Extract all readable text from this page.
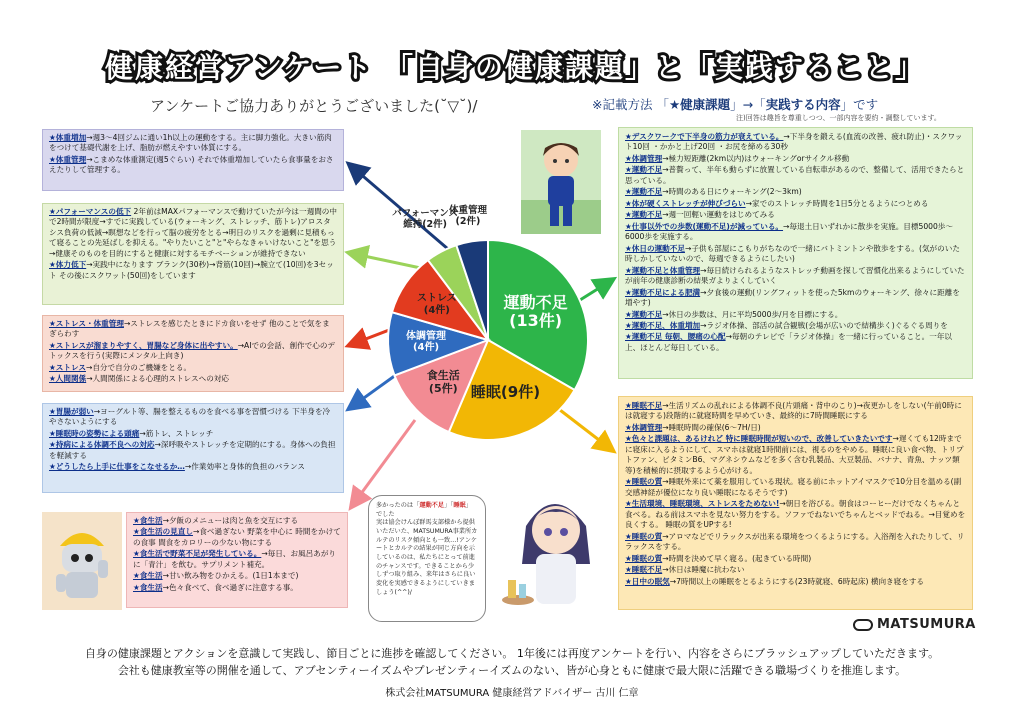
健康経営アンケート 「自身の健康課題」と「実践すること」
アンケートご協力ありがとうございました(˘▽˘)/	※記載方法 「★健康課題」→「実践する内容」です
注)回答は趣旨を尊重しつつ、一部内容を要約・調整しています。
運動不足
(13件)
睡眠(9件)
食生活
(5件)
体調管理
(4件)
ストレス
(4件)
パフォーマンス
維持(2件)
体重管理
(2件)

★体重増加→週3～4回ジムに通い1h以上の運動をする。主に脚力強化。大きい筋肉をつけて基礎代謝を上げ、脂肪が燃えやすい体質にする。

★体重管理→こまめな体重測定(週5ぐらい) それで体重増加していたら食事量をおさえたりして管理する。

★パフォーマンスの低下 2年前はMAXパフォーマンスで動けていたが今は一週間の中で2時間が限度→すでに実践している(ウォーキング、ストレッチ、筋トレ)アロスタシス負荷の低減→瞑想などを行って脳の疲労をとる→明日のリスクを過剰に見積もって寝ることの先延ばしを抑える。"やりたいこと"と"やらなきゃいけないこと"を思う →健康そのものを目的にすると健康に対するモチベーションが維持できない

★体力低下→実践中になります ブランク(30秒)→背筋(10回)→腕立て(10回)を3セット その後にスクワット(50回)をしています

★ストレス・体重管理→ストレスを感じたときにドカ食いをせず 他のことで気をまぎらわす

★ストレスが溜まりやすく、胃腸など身体に出やすい。→AIでの会話、創作で心のデトックスを行う(実際にメンタル上向き)

★ストレス→自分で自分のご機嫌をとる。

★人間関係→人間関係による心理的ストレスへの対応

★胃腸が弱い→ヨーグルト等、腸を整えるものを食べる事を習慣づける 下半身を冷やさないようにする

★睡眠時の姿勢による頭痛→筋トレ、ストレッチ

★持病による体調不良への対応→深呼吸やストレッチを定期的にする。身体への負担を軽減する

★どうしたら上手に仕事をこなせるか…→作業効率と身体的負担のバランス

★食生活→夕飯のメニューは肉と魚を交互にする

★食生活の見直し→食べ過ぎない 野菜を中心に 時間をかけての食事 間食をカロリーの少ない物にする

★食生活で野菜不足が発生している。→毎日、お風呂あがりに「青汁」を飲む。サプリメント補充。

★食生活→甘い飲み物をひかえる。(1日1本まで)

★食生活→色々食べて、食べ過ぎに注意する事。

★デスクワークで下半身の筋力が衰えている。→下半身を鍛える(血流の改善、疲れ防止)・スクワット10回 ・かかと上げ20回 ・お尻を締める30秒

★体調管理→極力短距離(2km以内)はウォーキングorサイクル移動

★運動不足→普贅って、半年も動らずに放置している自転車があるので、整備して、活用できたらと思っている。

★運動不足→時間のある日にウォーキング(2～3km)

★体が硬くストレッチが伸びづらい→家でのストレッチ時間を1日5分とるようにつとめる

★運動不足→週一回輕い運動をはじめてみる

★仕事以外での歩数(運動不足)が減っている。→毎退土日いずれかに散歩を実施。目標5000歩～6000歩を実施する。

★休日の運動不足→子供も部屋にこもりがちなので一緒にバトミントンや散歩をする。(気がのいた時しかしていないので、毎週できるようにしたい)

★運動不足と体重管理→毎日続けられるようなストレッチ動画を探して習慣化出来るようにしていたが前年の健康診断の結果ガよりよくしていく

★運動不足による肥満→夕食後の運動(リングフィットを使った5kmのウォーキング、徐々に距離を増やす)

★運動不足→休日の歩数は、月に平均5000歩/月を目標にする。

★運動不足、体重増加→ラジオ体操、部活の試合観戦(会場が広いので結構歩く)ぐるぐる周りを

★運動不足 毎朝、腰痛の心配→毎朝のテレビで「ラジオ体操」を一緒に行っていること。一年以上、ほとんど毎日している。

★睡眠不足→生活リズムの乱れによる体調不良(片頭痛・背中のこり)→夜更かしをしない(午前0時には就寝する)段階的に就寝時間を早めていき、最終的に7時間睡眠にする

★体調管理→睡眠時間の確保(6～7H/日)

★色々と課題は、あるけれど 特に睡眠時間が短いので、改善していきたいです→遅くても12時までに寝床に入るようにして、スマホは就寝1時間前には、視るのをやめる。睡眠に良い食べ物、トリプトファン、ビタミンB6、マグネシウムなどを多く含む乳製品、大豆製品、バナナ、青魚、ナッツ類等)を積極的に摂取するよう心がける。

★睡眠の質→睡眠外来にて薬を服用している現状。寝る前にホットアイマスクで10分目を温める(副交感神経が優位になり良い睡眠になるそうです)

★生活環境、睡眠環境、ストレスをためない!→朝日を浴びる。朝食はコーヒーだけでなくちゃんと食べる。ねる前はスマホを見ない努力をする。ソファでねないでちゃんとベッドでねる。→目覚めを良くする。 睡眠の質をUPする!

★睡眠の質→アロマなどでリラックスが出来る環境をつくるようにする。入浴剤を入れたりして、リラックスをする。

★睡眠の質→時間を決めて早く寝る。(起きている時間)

★睡眠不足→休日は睡魔に抗わない

★日中の眠気→7時間以上の睡眠をとるようにする(23時就寝、6時起床) 横向き寝をする

多かったのは「運動不足」「睡眠」でした
実は協会けんぽ群馬支部様から提供いただいた、MATSUMURA事業所カルテのリスク傾向とも一致…!アンケートとカルテの結果が同じ方向を示しているのは、私たちにとって前進のチャンスです。できることから少しずつ取り組み、来年はさらに良い変化を実感できるようにしていきましょう(^^)/
MATSUMURA
自身の健康課題とアクションを意識して実践し、節目ごとに進捗を確認してください。 1年後には再度アンケートを行い、内容をさらにブラッシュアップしていただきます。
会社も健康教室等の開催を通して、アブセンティーイズムやプレゼンティーイズムのない、皆が心身ともに健康で最大限に活躍できる職場づくりを推進します。
株式会社MATSUMURA 健康経営アドバイザー 古川 仁章
